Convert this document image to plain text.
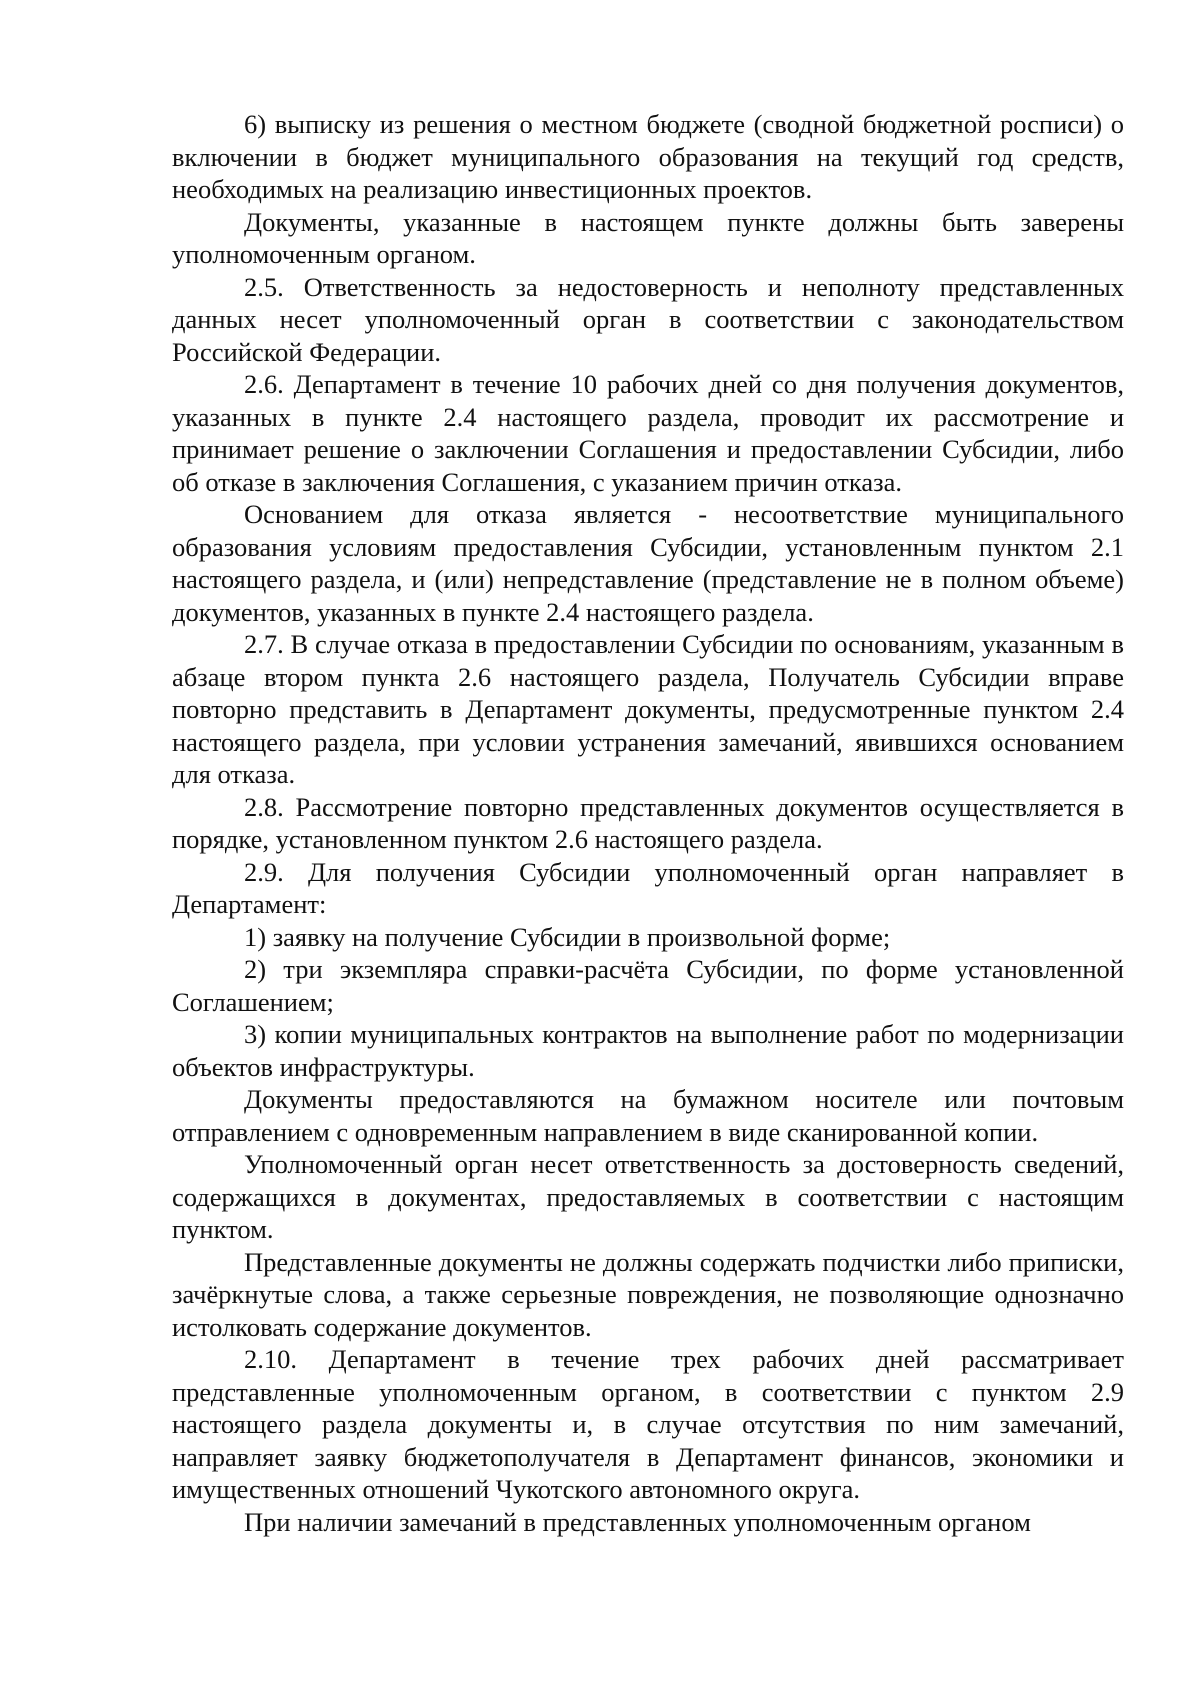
6) выписку из решения о местном бюджете (сводной бюджетной росписи) о включении в бюджет муниципального образования на текущий год средств, необходимых на реализацию инвестиционных проектов.

Документы, указанные в настоящем пункте должны быть заверены уполномоченным органом.

2.5. Ответственность за недостоверность и неполноту представленных данных несет уполномоченный орган в соответствии с законодательством Российской Федерации.

2.6. Департамент в течение 10 рабочих дней со дня получения документов, указанных в пункте 2.4 настоящего раздела, проводит их рассмотрение и принимает решение о заключении Соглашения и предоставлении Субсидии, либо об отказе в заключения Соглашения, с указанием причин отказа.

Основанием для отказа является - несоответствие муниципального образования условиям предоставления Субсидии, установленным пунктом 2.1 настоящего раздела, и (или) непредставление (представление не в полном объеме) документов, указанных в пункте 2.4 настоящего раздела.

2.7. В случае отказа в предоставлении Субсидии по основаниям, указанным в абзаце втором пункта 2.6 настоящего раздела, Получатель Субсидии вправе повторно представить в Департамент документы, предусмотренные пунктом 2.4 настоящего раздела, при условии устранения замечаний, явившихся основанием для отказа.

2.8. Рассмотрение повторно представленных документов осуществляется в порядке, установленном пунктом 2.6 настоящего раздела.

2.9. Для получения Субсидии уполномоченный орган направляет в Департамент:

1) заявку на получение Субсидии в произвольной форме;

2) три экземпляра справки-расчёта Субсидии, по форме установленной Соглашением;

3) копии муниципальных контрактов на выполнение работ по модернизации объектов инфраструктуры.

Документы предоставляются на бумажном носителе или почтовым отправлением с одновременным направлением в виде сканированной копии.

Уполномоченный орган несет ответственность за достоверность сведений, содержащихся в документах, предоставляемых в соответствии с настоящим пунктом.

Представленные документы не должны содержать подчистки либо приписки, зачёркнутые слова, а также серьезные повреждения, не позволяющие однозначно истолковать содержание документов.

2.10. Департамент в течение трех рабочих дней рассматривает представленные уполномоченным органом, в соответствии с пунктом 2.9 настоящего раздела документы и, в случае отсутствия по ним замечаний, направляет заявку бюджетополучателя в Департамент финансов, экономики и имущественных отношений Чукотского автономного округа.

При наличии замечаний в представленных уполномоченным органом
